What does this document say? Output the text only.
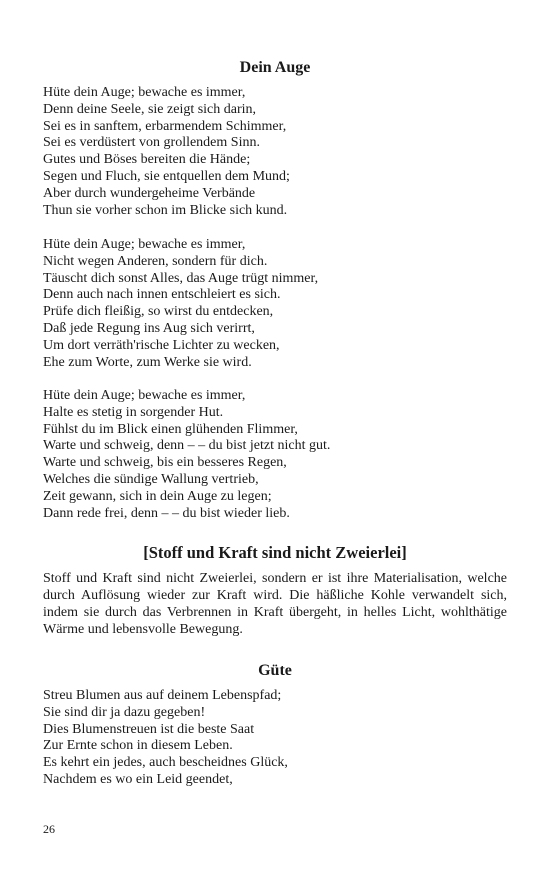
Dein Auge
Hüte dein Auge; bewache es immer,
Denn deine Seele, sie zeigt sich darin,
Sei es in sanftem, erbarmendem Schimmer,
Sei es verdüstert von grollendem Sinn.
Gutes und Böses bereiten die Hände;
Segen und Fluch, sie entquellen dem Mund;
Aber durch wundergeheime Verbände
Thun sie vorher schon im Blicke sich kund.
Hüte dein Auge; bewache es immer,
Nicht wegen Anderen, sondern für dich.
Täuscht dich sonst Alles, das Auge trügt nimmer,
Denn auch nach innen entschleiert es sich.
Prüfe dich fleißig, so wirst du entdecken,
Daß jede Regung ins Aug sich verirrt,
Um dort verräth'rische Lichter zu wecken,
Ehe zum Worte, zum Werke sie wird.
Hüte dein Auge; bewache es immer,
Halte es stetig in sorgender Hut.
Fühlst du im Blick einen glühenden Flimmer,
Warte und schweig, denn – – du bist jetzt nicht gut.
Warte und schweig, bis ein besseres Regen,
Welches die sündige Wallung vertrieb,
Zeit gewann, sich in dein Auge zu legen;
Dann rede frei, denn – – du bist wieder lieb.
[Stoff und Kraft sind nicht Zweierlei]

Stoff und Kraft sind nicht Zweierlei, sondern er ist ihre Materialisation, welche durch Auflösung wieder zur Kraft wird. Die häßliche Kohle verwandelt sich, indem sie durch das Verbrennen in Kraft übergeht, in helles Licht, wohlthätige Wärme und lebensvolle Bewegung.

Güte
Streu Blumen aus auf deinem Lebenspfad;
Sie sind dir ja dazu gegeben!
Dies Blumenstreuen ist die beste Saat
Zur Ernte schon in diesem Leben.
Es kehrt ein jedes, auch bescheidnes Glück,
Nachdem es wo ein Leid geendet,
26
